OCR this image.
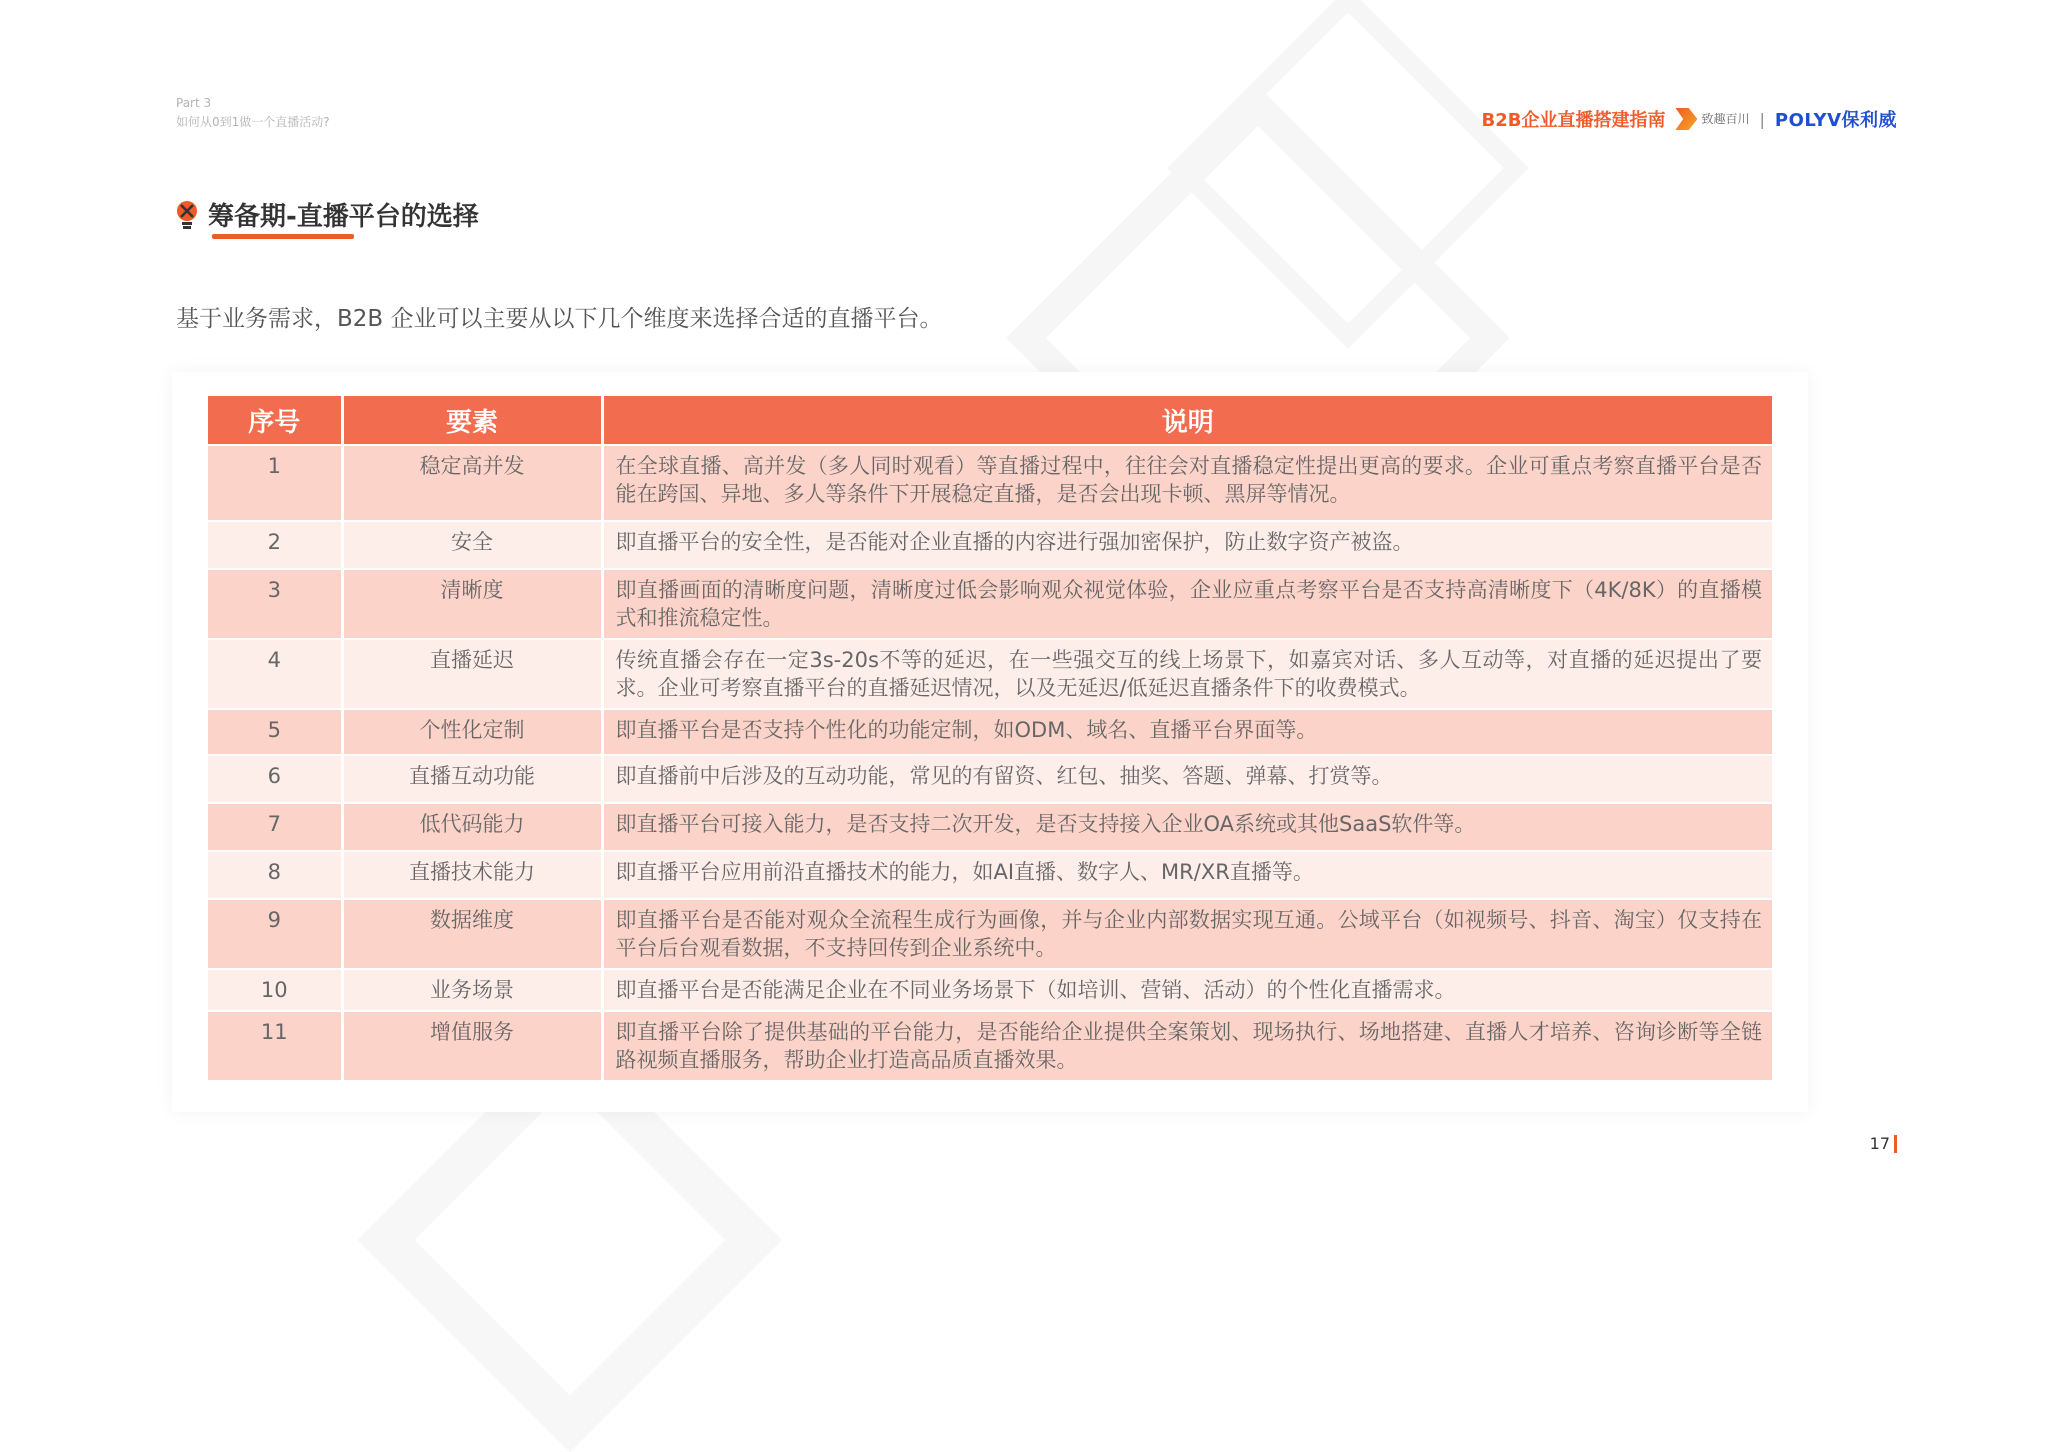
Part 3
如何从0到1做一个直播活动?	B2B企业直播搭建指南	致趣百川 | POLYV保利威
筹备期-直播平台的选择
基于业务需求，B2B 企业可以主要从以下几个维度来选择合适的直播平台。
序号	要素	说明
1	稳定高并发	在全球直播、高并发（多人同时观看）等直播过程中，往往会对直播稳定性提出更高的要求。企业可重点考察直播平台是否能在跨国、异地、多人等条件下开展稳定直播，是否会出现卡顿、黑屏等情况。
2	安全	即直播平台的安全性，是否能对企业直播的内容进行强加密保护，防止数字资产被盗。
3	清晰度	即直播画面的清晰度问题，清晰度过低会影响观众视觉体验，企业应重点考察平台是否支持高清晰度下（4K/8K）的直播模式和推流稳定性。
4	直播延迟	传统直播会存在一定3s-20s不等的延迟，在一些强交互的线上场景下，如嘉宾对话、多人互动等，对直播的延迟提出了要求。企业可考察直播平台的直播延迟情况，以及无延迟/低延迟直播条件下的收费模式。
5	个性化定制	即直播平台是否支持个性化的功能定制，如ODM、域名、直播平台界面等。
6	直播互动功能	即直播前中后涉及的互动功能，常见的有留资、红包、抽奖、答题、弹幕、打赏等。
7	低代码能力	即直播平台可接入能力，是否支持二次开发，是否支持接入企业OA系统或其他SaaS软件等。
8	直播技术能力	即直播平台应用前沿直播技术的能力，如AI直播、数字人、MR/XR直播等。
9	数据维度	即直播平台是否能对观众全流程生成行为画像，并与企业内部数据实现互通。公域平台（如视频号、抖音、淘宝）仅支持在平台后台观看数据，不支持回传到企业系统中。
10	业务场景	即直播平台是否能满足企业在不同业务场景下（如培训、营销、活动）的个性化直播需求。
11	增值服务	即直播平台除了提供基础的平台能力，是否能给企业提供全案策划、现场执行、场地搭建、直播人才培养、咨询诊断等全链路视频直播服务，帮助企业打造高品质直播效果。
17
